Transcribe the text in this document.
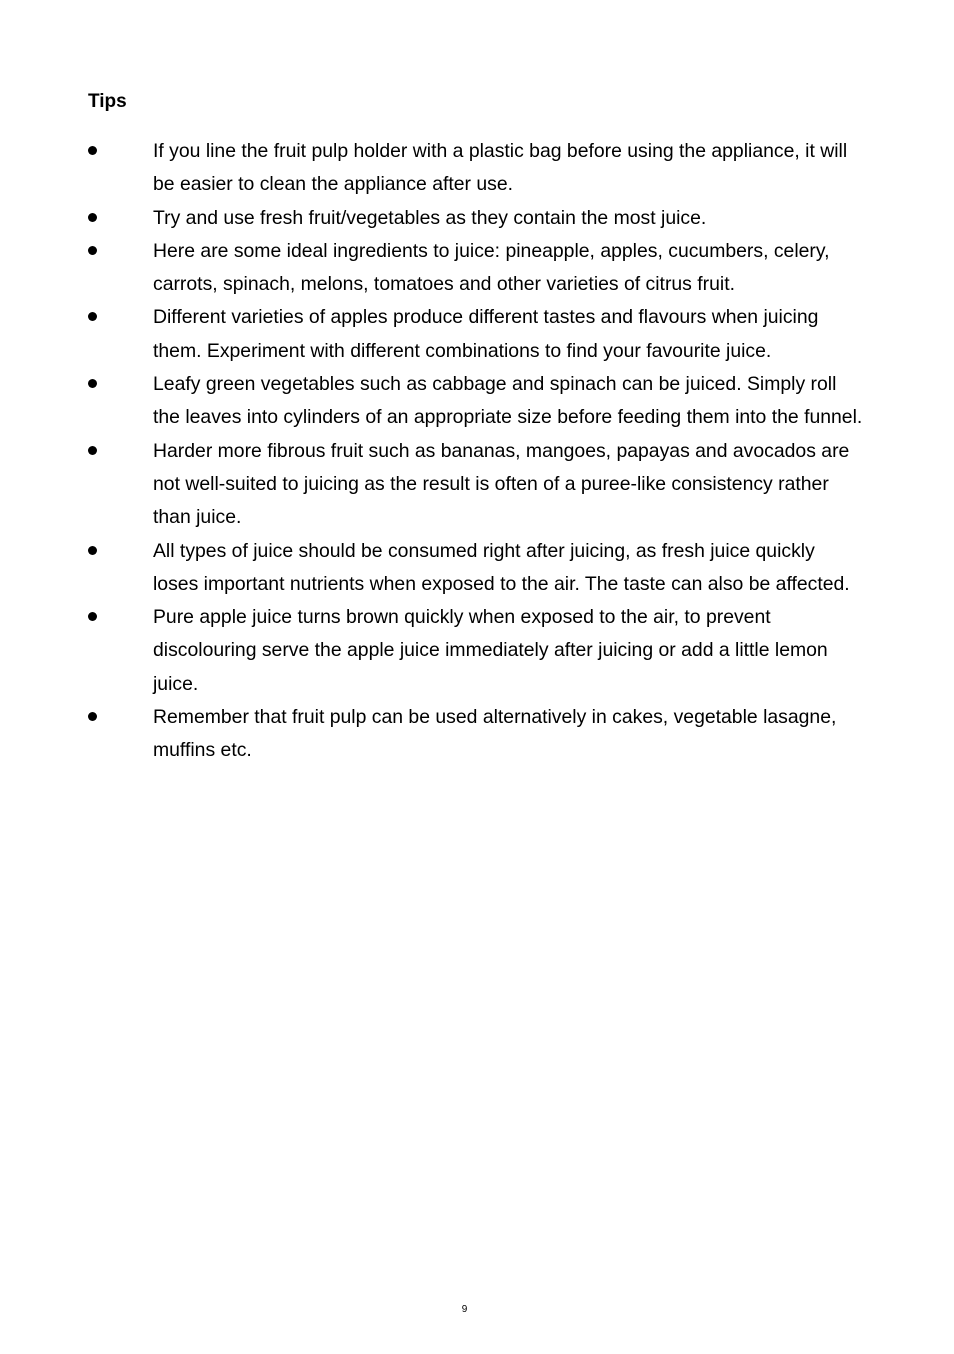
Tips
If you line the fruit pulp holder with a plastic bag before using the appliance, it will be easier to clean the appliance after use.
Try and use fresh fruit/vegetables as they contain the most juice.
Here are some ideal ingredients to juice: pineapple, apples, cucumbers, celery, carrots, spinach, melons, tomatoes and other varieties of citrus fruit.
Different varieties of apples produce different tastes and flavours when juicing them. Experiment with different combinations to find your favourite juice.
Leafy green vegetables such as cabbage and spinach can be juiced. Simply roll the leaves into cylinders of an appropriate size before feeding them into the funnel.
Harder more fibrous fruit such as bananas, mangoes, papayas and avocados are not well-suited to juicing as the result is often of a puree-like consistency rather than juice.
All types of juice should be consumed right after juicing, as fresh juice quickly loses important nutrients when exposed to the air. The taste can also be affected.
Pure apple juice turns brown quickly when exposed to the air, to prevent discolouring serve the apple juice immediately after juicing or add a little lemon juice.
Remember that fruit pulp can be used alternatively in cakes, vegetable lasagne, muffins etc.
9
